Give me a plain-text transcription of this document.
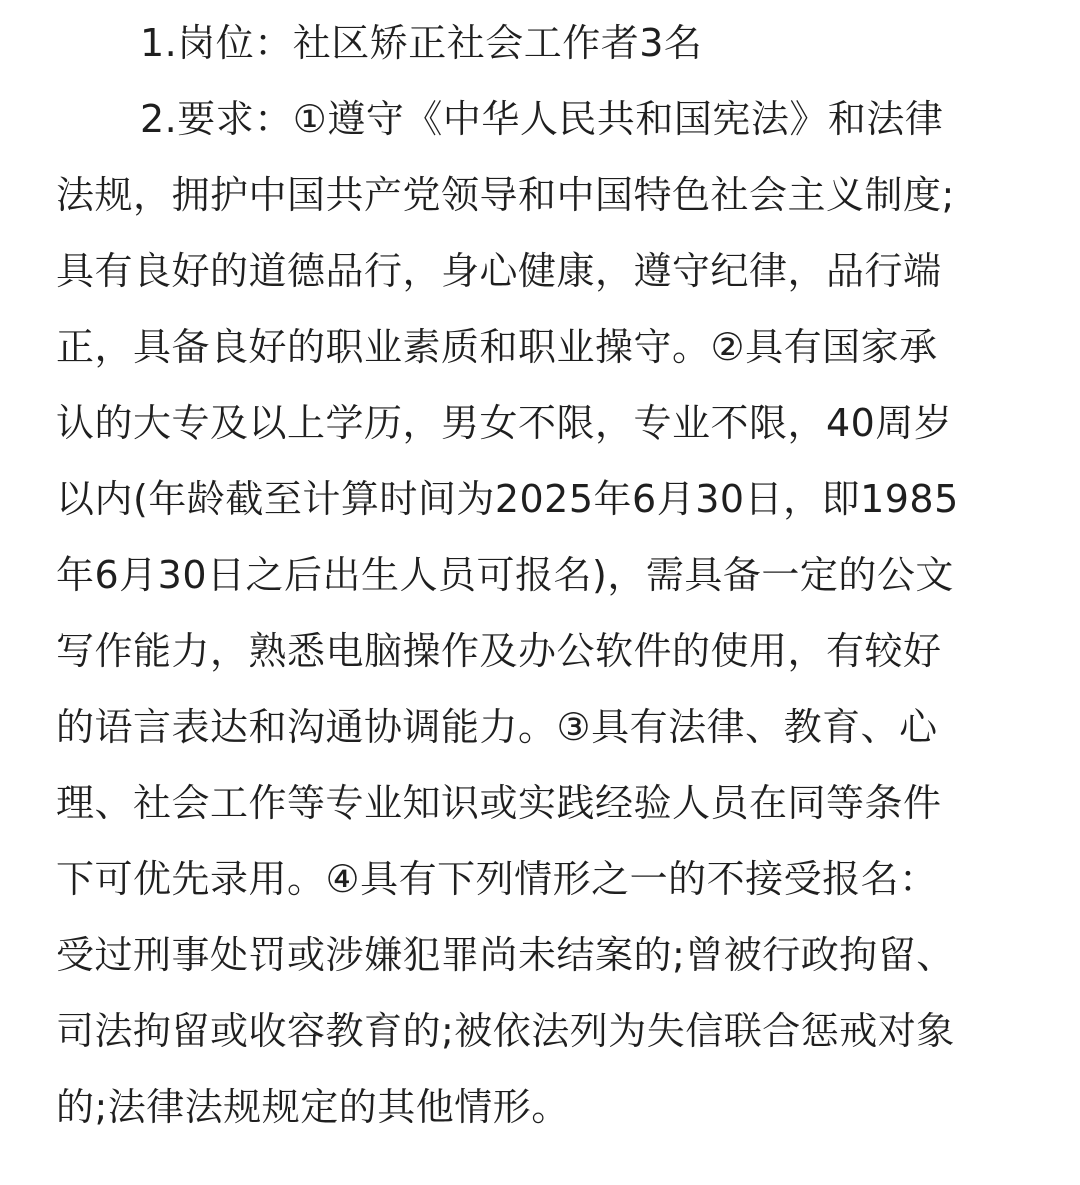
1.岗位：社区矫正社会工作者3名
2.要求：①遵守《中华人民共和国宪法》和法律
法规，拥护中国共产党领导和中国特色社会主义制度;
具有良好的道德品行，身心健康，遵守纪律，品行端
正，具备良好的职业素质和职业操守。②具有国家承
认的大专及以上学历，男女不限，专业不限，40周岁
以内(年龄截至计算时间为2025年6月30日，即1985
年6月30日之后出生人员可报名)，需具备一定的公文
写作能力，熟悉电脑操作及办公软件的使用，有较好
的语言表达和沟通协调能力。③具有法律、教育、心
理、社会工作等专业知识或实践经验人员在同等条件
下可优先录用。④具有下列情形之一的不接受报名：
受过刑事处罚或涉嫌犯罪尚未结案的;曾被行政拘留、
司法拘留或收容教育的;被依法列为失信联合惩戒对象
的;法律法规规定的其他情形。
